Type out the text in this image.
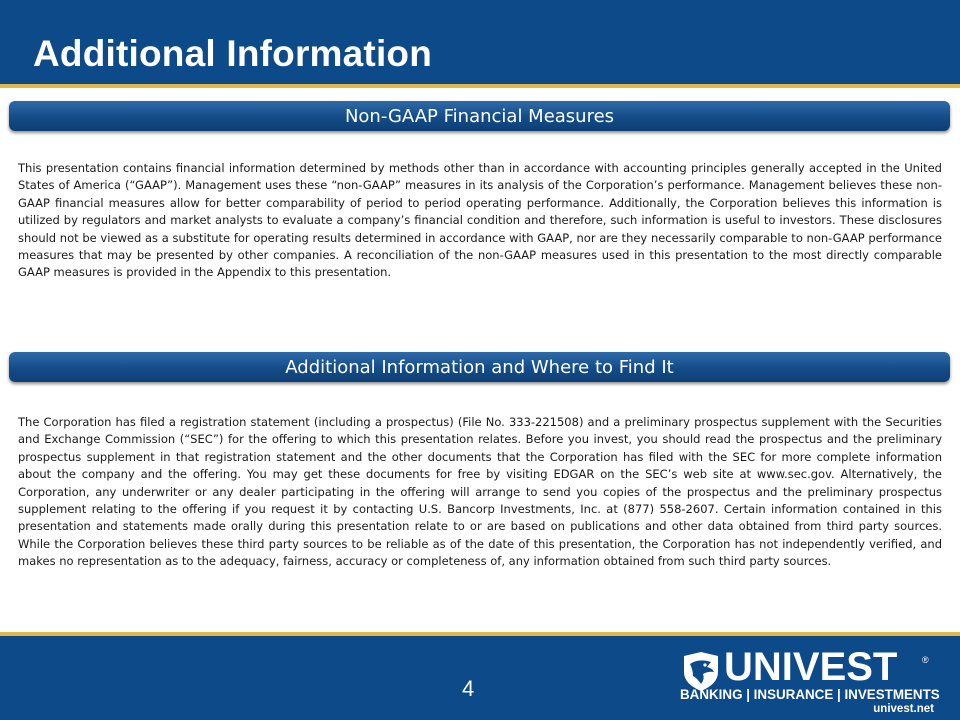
Additional Information
Non-GAAP Financial Measures
This presentation contains financial information determined by methods other than in accordance with accounting principles generally accepted in the United States of America (“GAAP”). Management uses these “non-GAAP” measures in its analysis of the Corporation’s performance. Management believes these non-GAAP financial measures allow for better comparability of period to period operating performance. Additionally, the Corporation believes this information is utilized by regulators and market analysts to evaluate a company’s financial condition and therefore, such information is useful to investors. These disclosures should not be viewed as a substitute for operating results determined in accordance with GAAP, nor are they necessarily comparable to non-GAAP performance measures that may be presented by other companies. A reconciliation of the non-GAAP measures used in this presentation to the most directly comparable GAAP measures is provided in the Appendix to this presentation.
Additional Information and Where to Find It
The Corporation has filed a registration statement (including a prospectus) (File No. 333-221508) and a preliminary prospectus supplement with the Securities and Exchange Commission (“SEC”) for the offering to which this presentation relates. Before you invest, you should read the prospectus and the preliminary prospectus supplement in that registration statement and the other documents that the Corporation has filed with the SEC for more complete information about the company and the offering. You may get these documents for free by visiting EDGAR on the SEC’s web site at www.sec.gov. Alternatively, the Corporation, any underwriter or any dealer participating in the offering will arrange to send you copies of the prospectus and the preliminary prospectus supplement relating to the offering if you request it by contacting U.S. Bancorp Investments, Inc. at (877) 558-2607. Certain information contained in this presentation and statements made orally during this presentation relate to or are based on publications and other data obtained from third party sources. While the Corporation believes these third party sources to be reliable as of the date of this presentation, the Corporation has not independently verified, and makes no representation as to the adequacy, fairness, accuracy or completeness of, any information obtained from such third party sources.
4	UNIVEST	®
BANKING | INSURANCE | INVESTMENTS
univest.net
